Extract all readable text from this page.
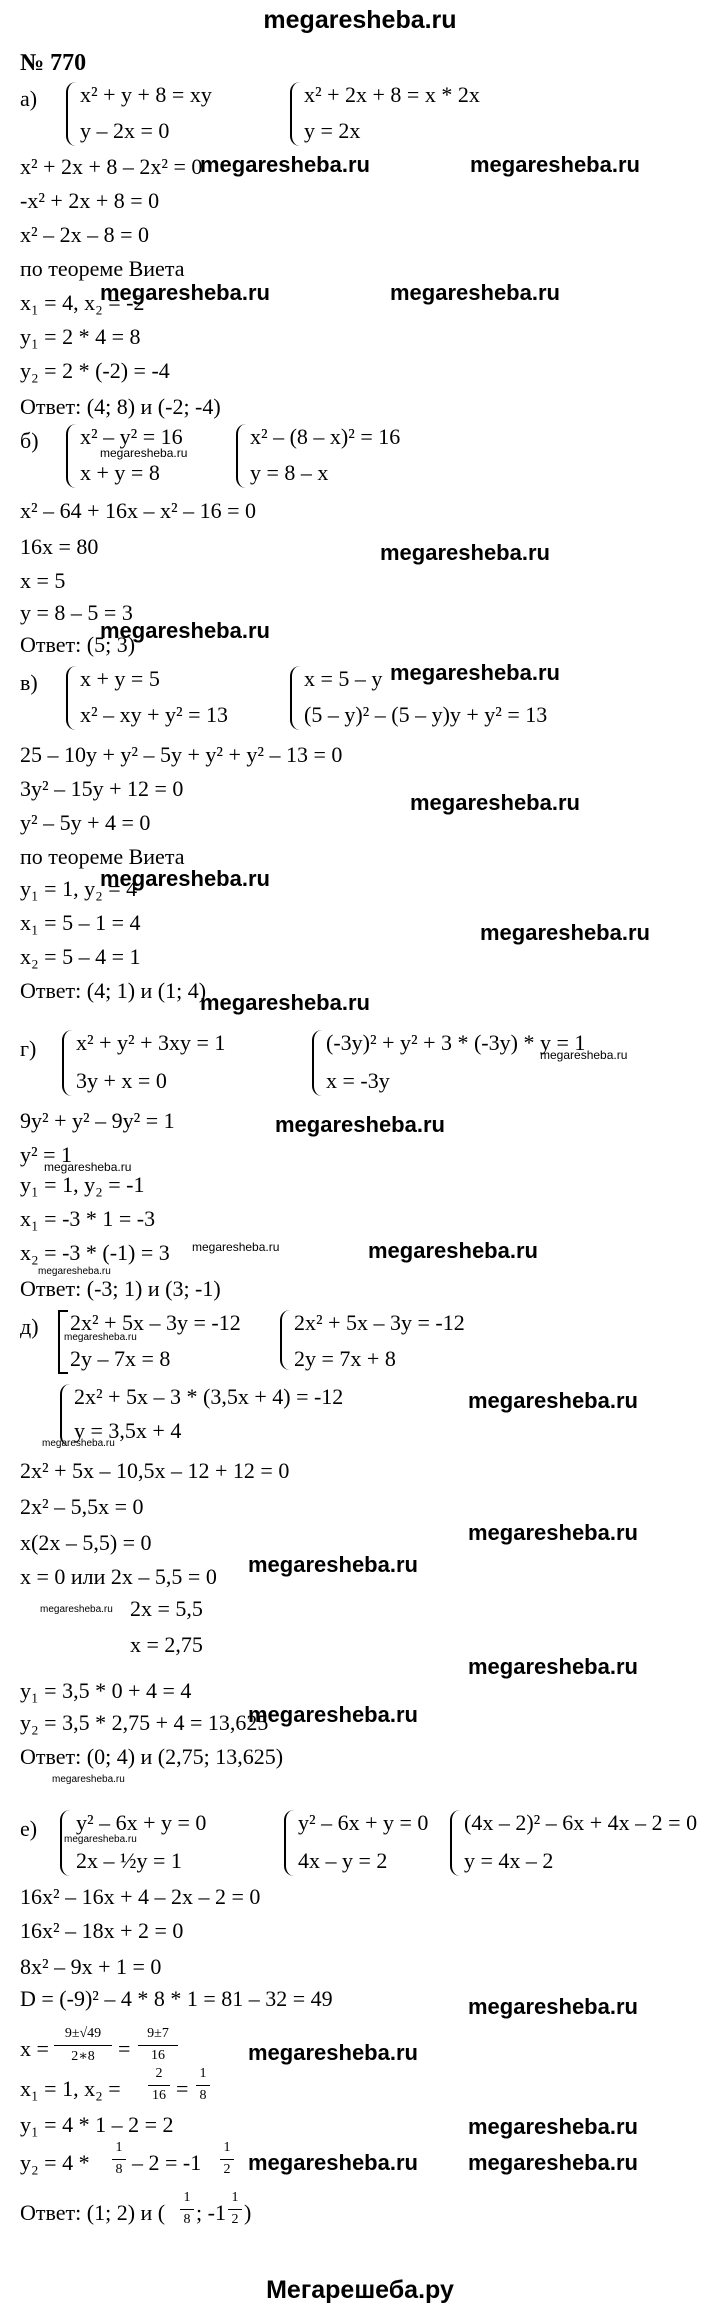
megaresheba.ru
№ 770
а) x² + y + 8 = xy
y – 2x = 0
x² + 2x + 8 = x * 2x
y = 2x
x² + 2x + 8 – 2x² = 0
-x² + 2x + 8 = 0
x² – 2x – 8 = 0
по теореме Виета
x₁ = 4, x₂ = -2
y₁ = 2 * 4 = 8
y₂ = 2 * (-2) = -4
Ответ: (4; 8) и (-2; -4)
megaresheba.ru	megaresheba.ru
megaresheba.ru	megaresheba.ru
б) x² – y² = 16
x + y = 8
megaresheba.ru
x² – (8 – x)² = 16
y = 8 – x
x² – 64 + 16x – x² – 16 = 0
16x = 80
x = 5
y = 8 – 5 = 3
Ответ: (5; 3)
megaresheba.ru
megaresheba.ru
в) x + y = 5
x² – xy + y² = 13
x = 5 – y
(5 – y)² – (5 – y)y + y² = 13
megaresheba.ru
25 – 10y + y² – 5y + y² + y² – 13 = 0
3y² – 15y + 12 = 0
y² – 5y + 4 = 0
по теореме Виета
y₁ = 1, y₂ = 4
x₁ = 5 – 1 = 4
x₂ = 5 – 4 = 1
Ответ: (4; 1) и (1; 4)
megaresheba.ru
megaresheba.ru
megaresheba.ru
megaresheba.ru
г) x² + y² + 3xy = 1
3y + x = 0
(-3y)² + y² + 3 * (-3y) * y = 1
x = -3y
megaresheba.ru
9y² + y² – 9y² = 1
y² = 1
y₁ = 1, y₂ = -1
x₁ = -3 * 1 = -3
x₂ = -3 * (-1) = 3
Ответ: (-3; 1) и (3; -1)
megaresheba.ru
megaresheba.ru
megaresheba.ru	megaresheba.ru
megaresheba.ru
д) 2x² + 5x – 3y = -12
2y – 7x = 8
megaresheba.ru
2x² + 5x – 3y = -12
2y = 7x + 8
2x² + 5x – 3 * (3,5x + 4) = -12
y = 3,5x + 4
megaresheba.ru
megaresheba.ru
2x² + 5x – 10,5x – 12 + 12 = 0
2x² – 5,5x = 0
x(2x – 5,5) = 0
x = 0 или 2x – 5,5 = 0
megaresheba.ru
megaresheba.ru
megaresheba.ru 2x = 5,5
x = 2,75
megaresheba.ru
y₁ = 3,5 * 0 + 4 = 4
y₂ = 3,5 * 2,75 + 4 = 13,625
Ответ: (0; 4) и (2,75; 13,625)
megaresheba.ru
megaresheba.ru
е) y² – 6x + y = 0
2x – ½y = 1
megaresheba.ru
y² – 6x + y = 0
4x – y = 2
(4x – 2)² – 6x + 4x – 2 = 0
y = 4x – 2
16x² – 16x + 4 – 2x – 2 = 0
16x² – 18x + 2 = 0
8x² – 9x + 1 = 0
D = (-9)² – 4 * 8 * 1 = 81 – 32 = 49	megaresheba.ru
x =
9±√49
2∗8	=
9±7
16	megaresheba.ru
x₁ = 1, x₂ =
2
16 =
1
8
y₁ = 4 * 1 – 2 = 2	megaresheba.ru
y₂ = 4 *
1
8 – 2 = -1
1
2 megaresheba.ru megaresheba.ru
Ответ: (1; 2) и (
1
8 ; -1
1
2 )
Мегарешеба.ру
